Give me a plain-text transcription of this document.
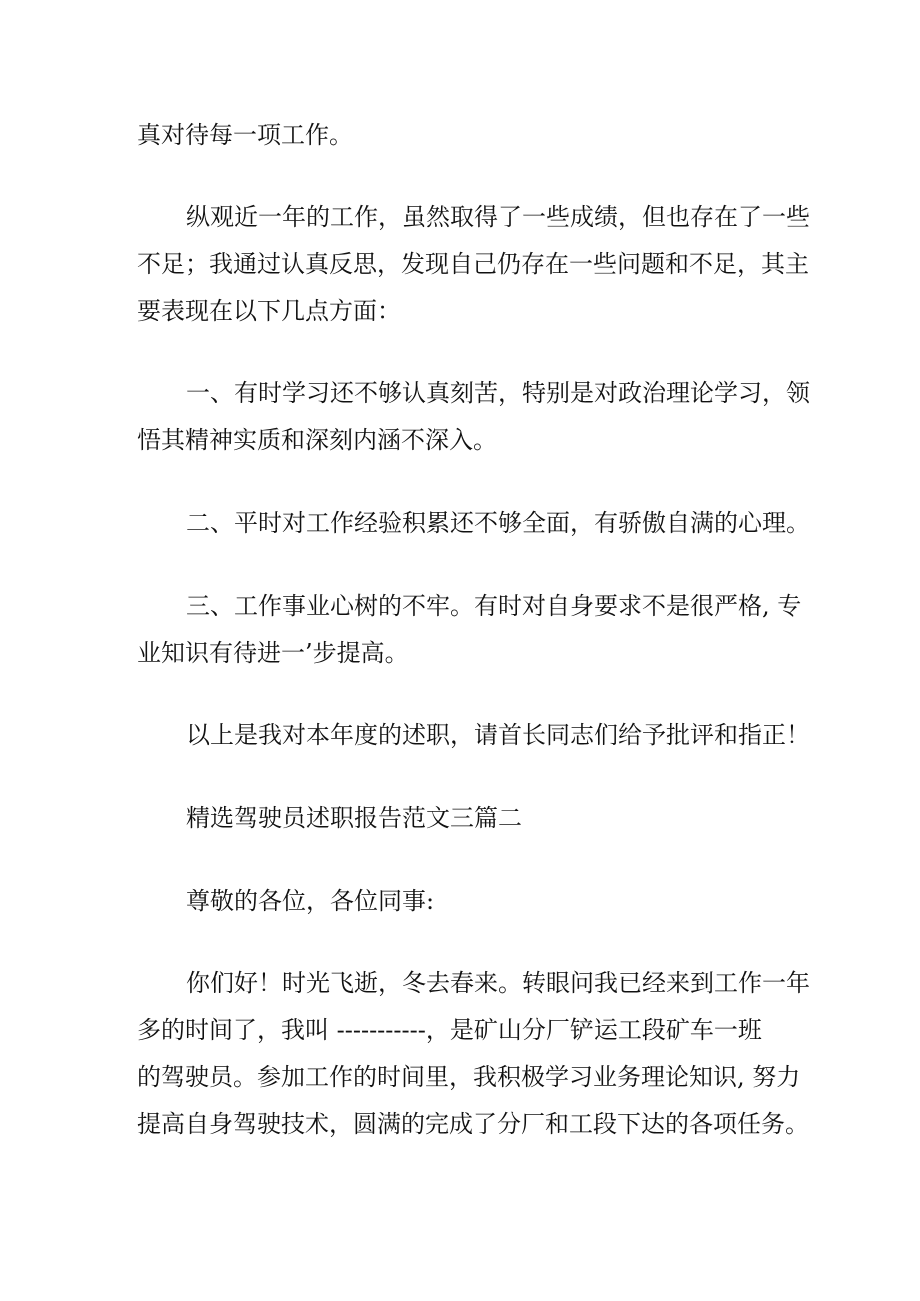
真对待每一项工作。

纵观近一年的工作，虽然取得了一些成绩，但也存在了一些

不足；我通过认真反思，发现自己仍存在一些问题和不足，其主

要表现在以下几点方面：

一、有时学习还不够认真刻苦，特别是对政治理论学习，领

悟其精神实质和深刻内涵不深入。

二、平时对工作经验积累还不够全面，有骄傲自满的心理。

三、工作事业心树的不牢。有时对自身要求不是很严格, 专

业知识有待进一’步提高。

以上是我对本年度的述职，请首长同志们给予批评和指正！

精选驾驶员述职报告范文三篇二

尊敬的各位，各位同事:

你们好！时光飞逝，冬去春来。转眼问我已经来到工作一年

多的时间了，我叫 -----------，是矿山分厂铲运工段矿车一班

的驾驶员。参加工作的时间里，我积极学习业务理论知识, 努力

提高自身驾驶技术，圆满的完成了分厂和工段下达的各项任务。
